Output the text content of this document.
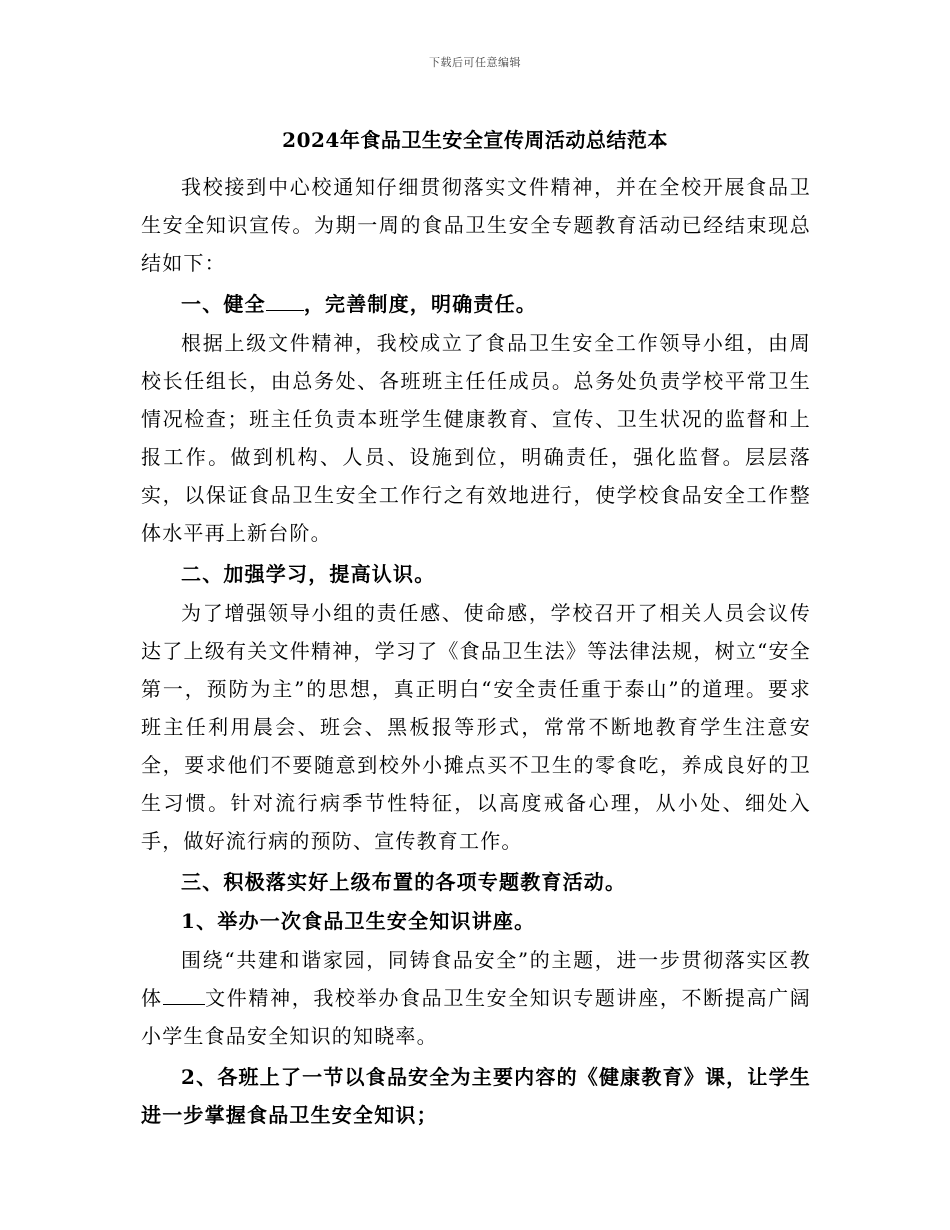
下载后可任意编辑
2024年食品卫生安全宣传周活动总结范本

我校接到中心校通知仔细贯彻落实文件精神，并在全校开展食品卫生安全知识宣传。为期一周的食品卫生安全专题教育活动已经结束现总结如下：

一、健全 ，完善制度，明确责任。

根据上级文件精神，我校成立了食品卫生安全工作领导小组，由周校长任组长，由总务处、各班班主任任成员。总务处负责学校平常卫生情况检查；班主任负责本班学生健康教育、宣传、卫生状况的监督和上报工作。做到机构、人员、设施到位，明确责任，强化监督。层层落实，以保证食品卫生安全工作行之有效地进行，使学校食品安全工作整体水平再上新台阶。

二、加强学习，提高认识。

为了增强领导小组的责任感、使命感，学校召开了相关人员会议传达了上级有关文件精神，学习了《食品卫生法》等法律法规，树立“安全第一，预防为主”的思想，真正明白“安全责任重于泰山”的道理。要求班主任利用晨会、班会、黑板报等形式，常常不断地教育学生注意安全，要求他们不要随意到校外小摊点买不卫生的零食吃，养成良好的卫生习惯。针对流行病季节性特征，以高度戒备心理，从小处、细处入手，做好流行病的预防、宣传教育工作。

三、积极落实好上级布置的各项专题教育活动。

1、举办一次食品卫生安全知识讲座。

围绕“共建和谐家园，同铸食品安全”的主题，进一步贯彻落实区教体 文件精神，我校举办食品卫生安全知识专题讲座，不断提高广阔小学生食品安全知识的知晓率。

2、各班上了一节以食品安全为主要内容的《健康教育》课，让学生进一步掌握食品卫生安全知识；
